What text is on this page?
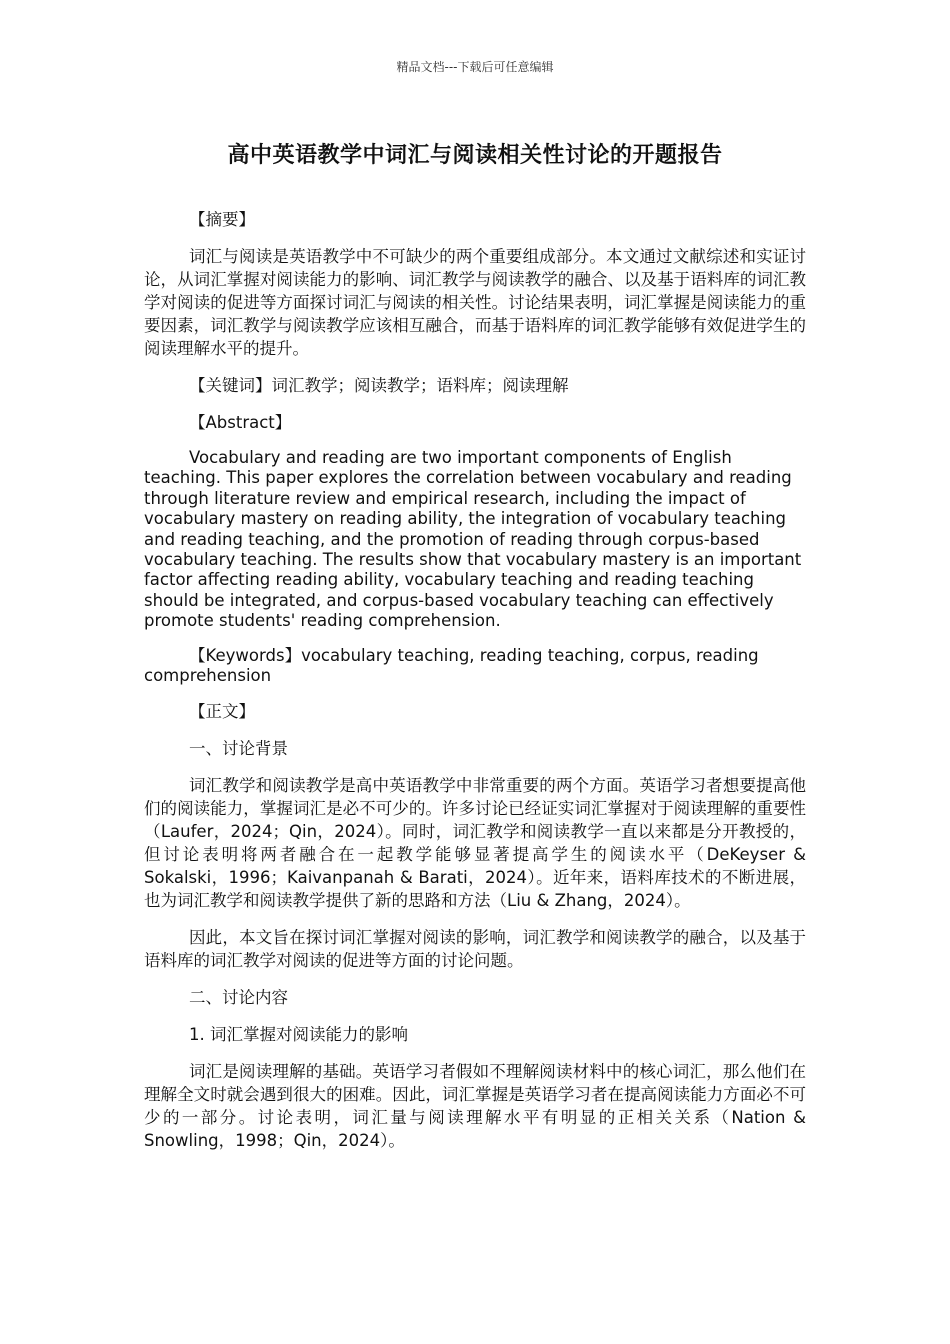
精品文档---下载后可任意编辑
高中英语教学中词汇与阅读相关性讨论的开题报告

【摘要】

词汇与阅读是英语教学中不可缺少的两个重要组成部分。本文通过文献综述和实证讨论，从词汇掌握对阅读能力的影响、词汇教学与阅读教学的融合、以及基于语料库的词汇教学对阅读的促进等方面探讨词汇与阅读的相关性。讨论结果表明，词汇掌握是阅读能力的重要因素，词汇教学与阅读教学应该相互融合，而基于语料库的词汇教学能够有效促进学生的阅读理解水平的提升。

【关键词】词汇教学；阅读教学；语料库；阅读理解

【Abstract】

Vocabulary and reading are two important components of English teaching. This paper explores the correlation between vocabulary and reading through literature review and empirical research, including the impact of vocabulary mastery on reading ability, the integration of vocabulary teaching and reading teaching, and the promotion of reading through corpus-based vocabulary teaching. The results show that vocabulary mastery is an important factor affecting reading ability, vocabulary teaching and reading teaching should be integrated, and corpus-based vocabulary teaching can effectively promote students' reading comprehension.

【Keywords】vocabulary teaching, reading teaching, corpus, reading comprehension

【正文】

一、讨论背景

词汇教学和阅读教学是高中英语教学中非常重要的两个方面。英语学习者想要提高他们的阅读能力，掌握词汇是必不可少的。许多讨论已经证实词汇掌握对于阅读理解的重要性（Laufer，2024；Qin，2024）。同时，词汇教学和阅读教学一直以来都是分开教授的，但讨论表明将两者融合在一起教学能够显著提高学生的阅读水平（DeKeyser & Sokalski，1996；Kaivanpanah & Barati，2024）。近年来，语料库技术的不断进展，也为词汇教学和阅读教学提供了新的思路和方法（Liu & Zhang，2024）。

因此，本文旨在探讨词汇掌握对阅读的影响，词汇教学和阅读教学的融合，以及基于语料库的词汇教学对阅读的促进等方面的讨论问题。

二、讨论内容

1. 词汇掌握对阅读能力的影响

词汇是阅读理解的基础。英语学习者假如不理解阅读材料中的核心词汇，那么他们在理解全文时就会遇到很大的困难。因此，词汇掌握是英语学习者在提高阅读能力方面必不可少的一部分。讨论表明，词汇量与阅读理解水平有明显的正相关关系（Nation & Snowling，1998；Qin，2024）。
